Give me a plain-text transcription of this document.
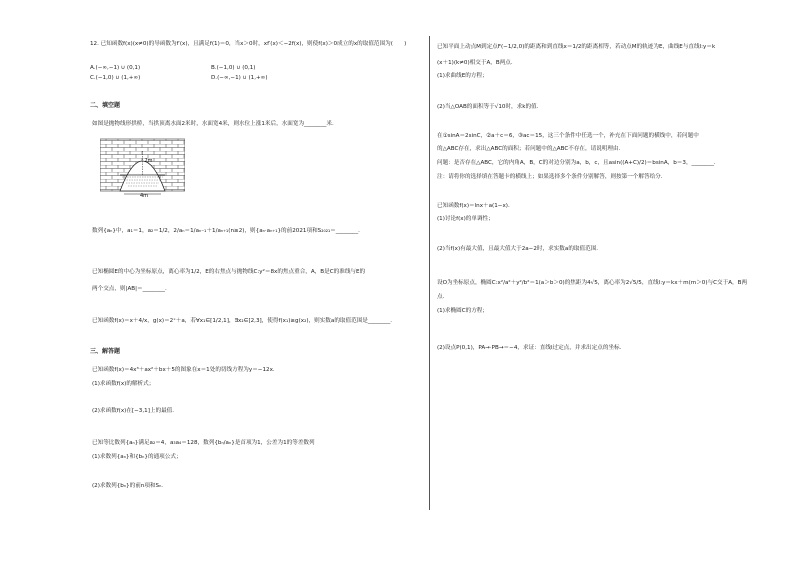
12. 已知函数f(x)(x≠0)的导函数为f′(x)，且满足f(1)＝0，当x＞0时，xf′(x)＜−2f(x)，则使f(x)＞0成立的x的取值范围为(　　)
A.(−∞,−1) ∪ (0,1)	B.(−1,0) ∪ (0,1)
C.(−1,0) ∪ (1,+∞)	D.(−∞,−1) ∪ (1,+∞)
二、填空题
如图是抛物线形拱桥，当拱顶离水面2米时，水面宽4米，则水位上涨1米后，水面宽为________米.
2m
4m
数列{aₙ}中，a₁＝1，a₂＝1/2，2/aₙ＝1/aₙ₋₁＋1/aₙ₊₁(n≥2)，则{aₙ·aₙ₊₁}的前2021项和S₂₀₂₁＝________.
已知椭圆E的中心为坐标原点，离心率为1/2，E的右焦点与抛物线C:y²＝8x的焦点重合，A，B是C的准线与E的
两个交点，则|AB|＝________.
已知函数f(x)＝x＋4/x，g(x)＝2ˣ＋a，若∀x₁∈[1/2,1]，∃x₂∈[2,3]，使得f(x₁)≥g(x₂)，则实数a的取值范围是________.
三、解答题
已知函数f(x)＝4x³＋ax²＋bx＋5的图象在x＝1处的切线方程为y＝−12x.
(1)求函数f(x)的解析式；
(2)求函数f(x)在[−3,1]上的最值.
已知等比数列{aₙ}满足a₂＝4，a₃a₄＝128，数列{bₙ/aₙ}是首项为1，公差为1的等差数列
(1)求数列{aₙ}和{bₙ}的通项公式；
(2)求数列{bₙ}的前n项和Sₙ.
已知平面上动点M到定点F(−1/2,0)的距离和到直线x＝1/2的距离相等，若动点M的轨迹为E，曲线E与直线l:y＝k
(x＋1)(k≠0)相交于A，B两点.
(1)求曲线E的方程；
(2)当△OAB的面积等于√10时，求k的值.
在①sinA＝2sinC，②a＋c＝6，③ac＝15，这三个条件中任选一个，补充在下面问题的横线中，若问题中
的△ABC存在，求出△ABC的面积；若问题中的△ABC不存在，请说明理由.
问题：是否存在△ABC，它的内角A，B，C的对边分别为a，b，c，且asin((A+C)/2)＝bsinA，b＝3，________.
注：请将你的选择填在答题卡的横线上；如果选择多个条件分别解答，则按第一个解答给分.
已知函数f(x)＝lnx＋a(1−x).
(1)讨论f(x)的单调性；
(2)当f(x)有最大值，且最大值大于2a−2时，求实数a的取值范围.
设O为坐标原点，椭圆C:x²/a²＋y²/b²＝1(a＞b＞0)的焦距为4√5，离心率为2√5/5，直线l:y＝kx＋m(m＞0)与C交于A，B两
点.
(1)求椭圆C的方程；
(2)设点P(0,1)，PA→·PB→＝−4，求证：直线l过定点，并求出定点的坐标.
